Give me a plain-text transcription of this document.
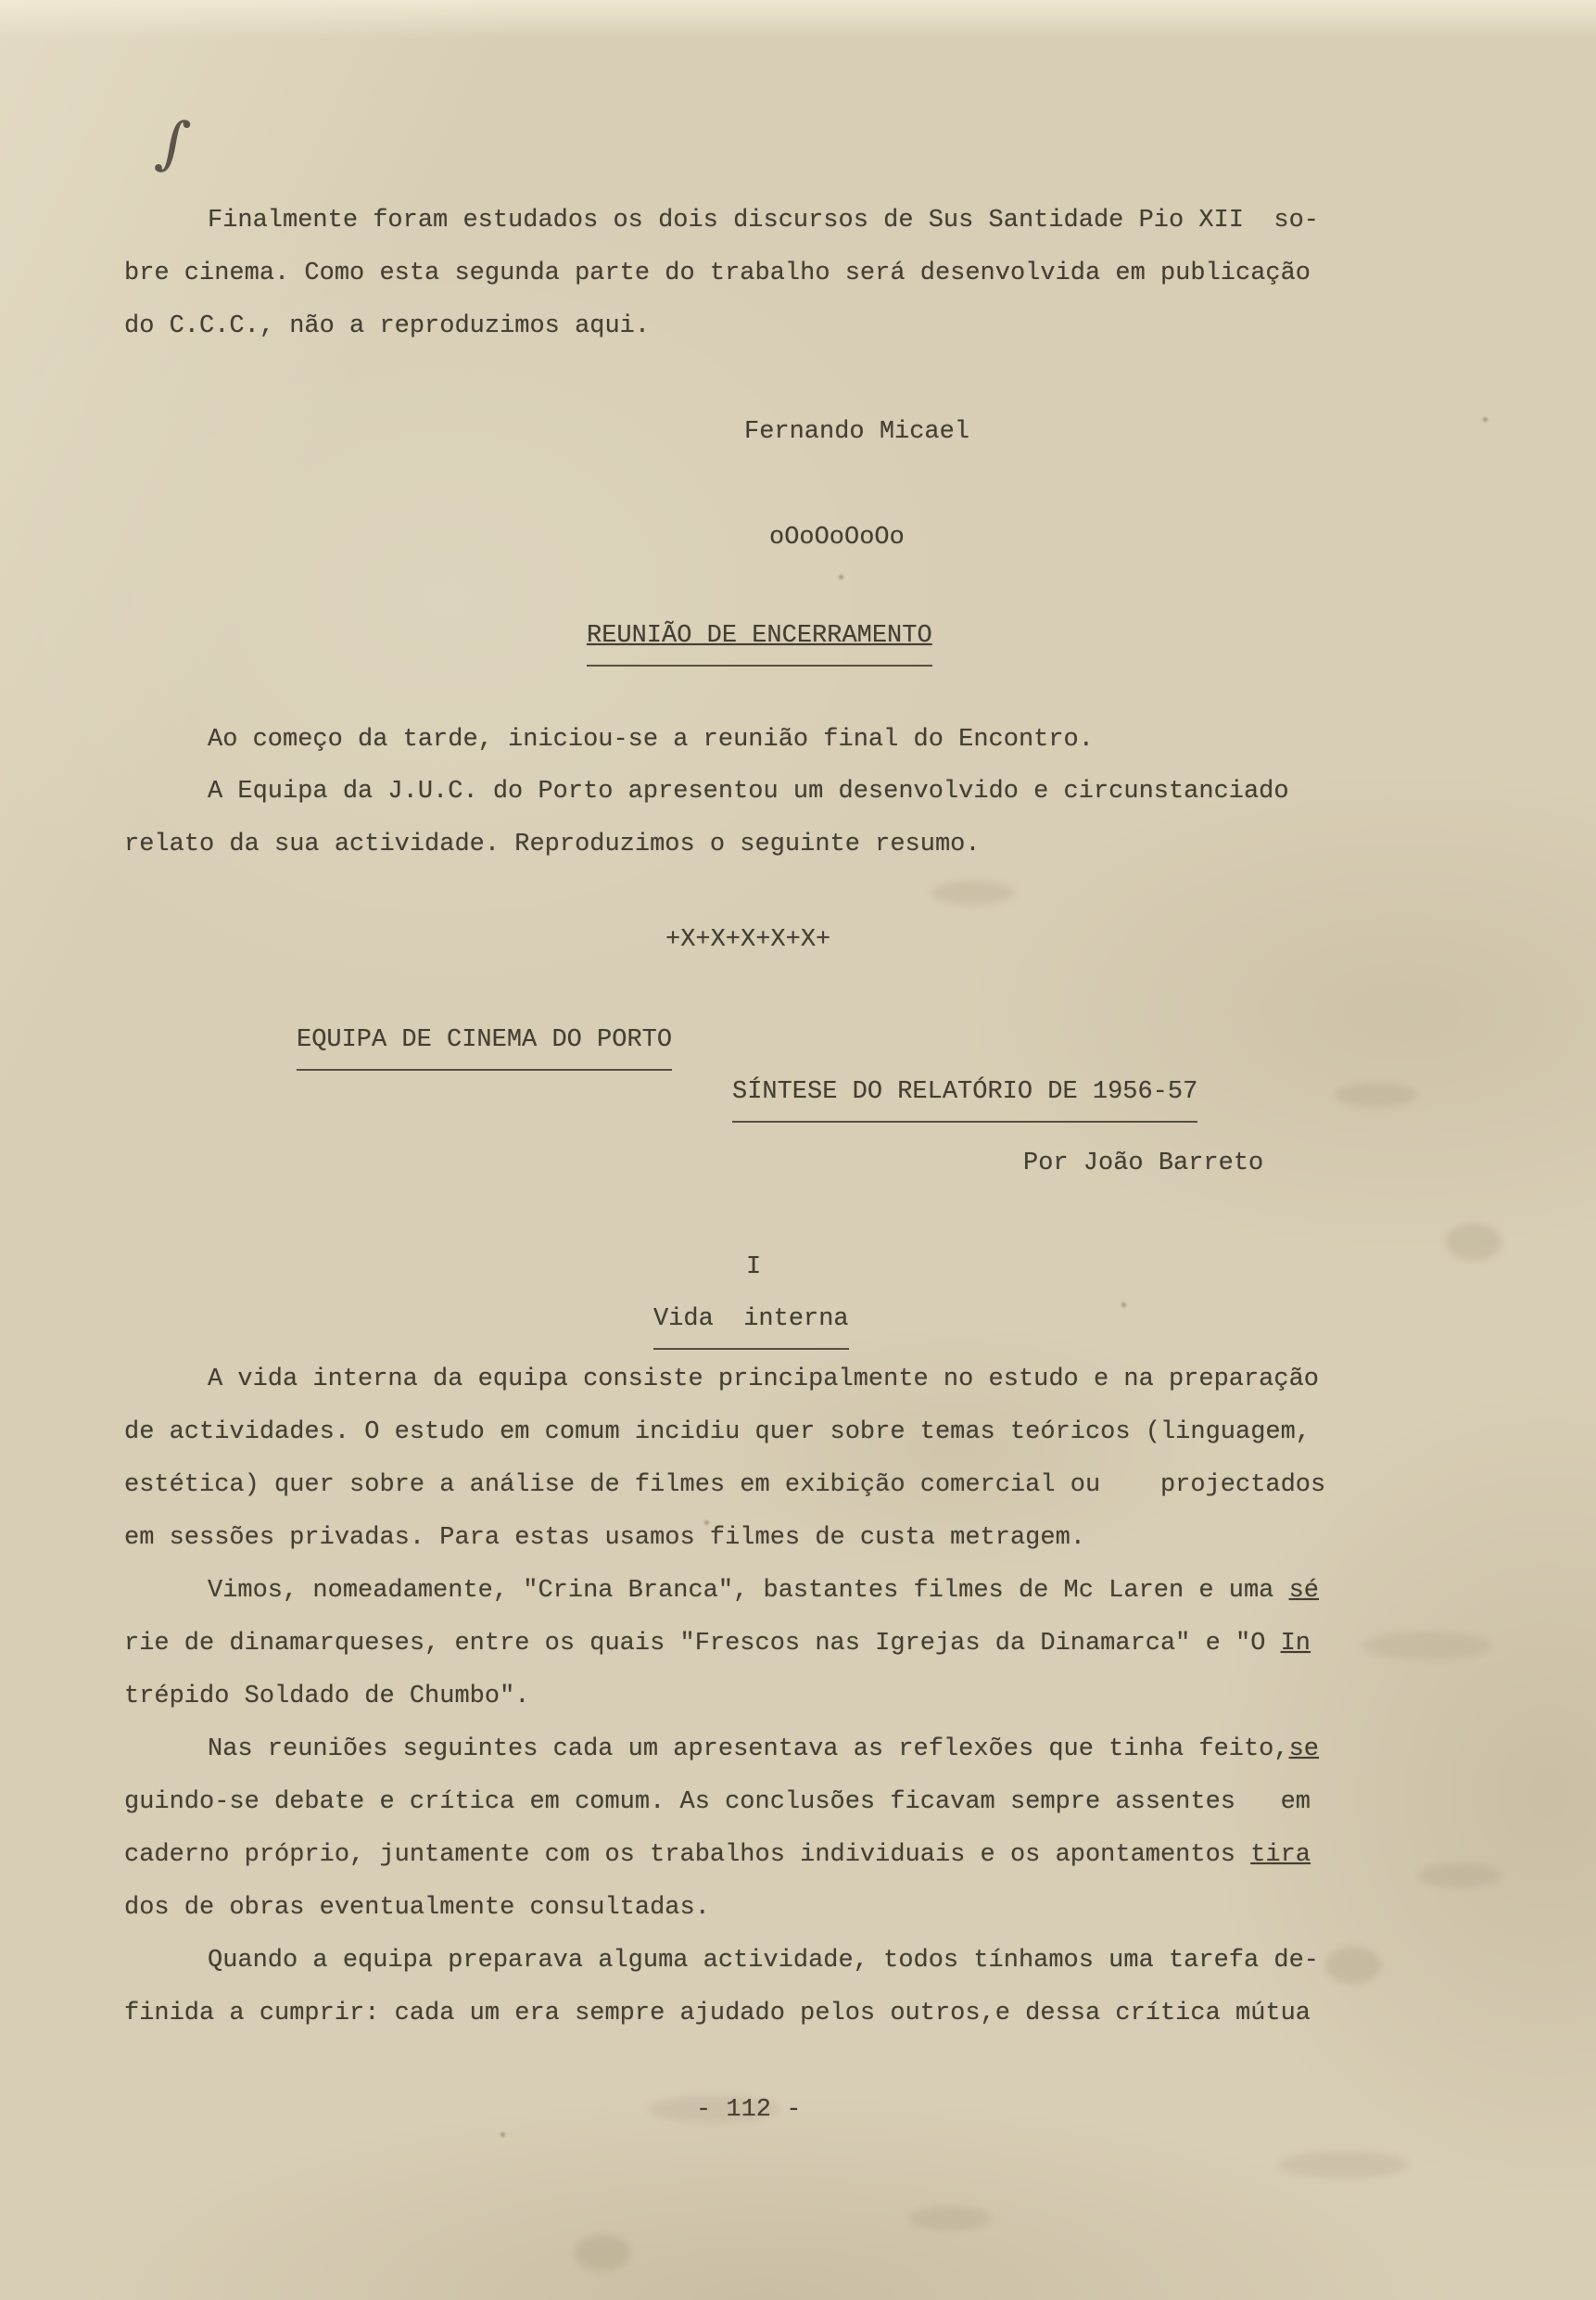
∫
Finalmente foram estudados os dois discursos de Sus Santidade Pio XII  so-
bre cinema. Como esta segunda parte do trabalho será desenvolvida em publicação
do C.C.C., não a reproduzimos aqui.
Fernando Micael
oOoOoOoOo
REUNIÃO DE ENCERRAMENTO
Ao começo da tarde, iniciou-se a reunião final do Encontro.
A Equipa da J.U.C. do Porto apresentou um desenvolvido e circunstanciado
relato da sua actividade. Reproduzimos o seguinte resumo.
+X+X+X+X+X+
EQUIPA DE CINEMA DO PORTO
SÍNTESE DO RELATÓRIO DE 1956-57
Por João Barreto
I
Vida  interna
A vida interna da equipa consiste principalmente no estudo e na preparação
de actividades. O estudo em comum incidiu quer sobre temas teóricos (linguagem,
estética) quer sobre a análise de filmes em exibição comercial ou    projectados
em sessões privadas. Para estas usamos filmes de custa metragem.
Vimos, nomeadamente, "Crina Branca", bastantes filmes de Mc Laren e uma sé
rie de dinamarqueses, entre os quais "Frescos nas Igrejas da Dinamarca" e "O In
trépido Soldado de Chumbo".
Nas reuniões seguintes cada um apresentava as reflexões que tinha feito,se
guindo-se debate e crítica em comum. As conclusões ficavam sempre assentes   em
caderno próprio, juntamente com os trabalhos individuais e os apontamentos tira
dos de obras eventualmente consultadas.
Quando a equipa preparava alguma actividade, todos tínhamos uma tarefa de-
finida a cumprir: cada um era sempre ajudado pelos outros,e dessa crítica mútua
- 112 -
